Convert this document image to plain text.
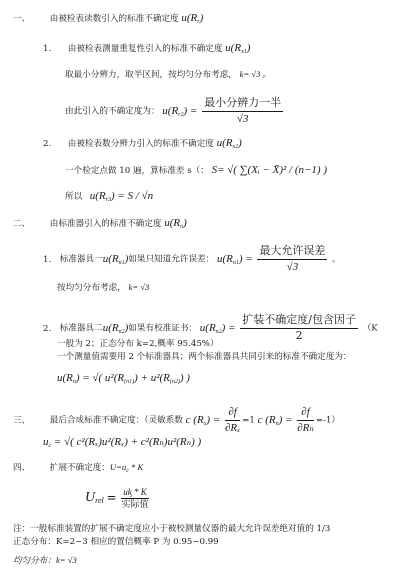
一、 由被检表读数引入的标准不确定度 $u(R_r)$
1. 由被检表测量重复性引入的标准不确定度 $u(R_{x1})$
取最小分辨力，取半区间，按均匀分布考虑， k= √3 。
由此引入的不确定度为： $u(R_{r2}) = \frac{\text{最小分辨力一半}}{√3}$
2. 由被检表数分辨力引入的标准不确定度 $u(R_{x2})$
一个检定点做 10 遍，算标准差 s（： S= √( ∑(Xᵢ − X̄)² / (n−1) )
所以 $u(R_{r3}) = S / √n$
二、 由标准器引入的标准不确定度 $u(R_n)$
1. 标准器具一$u(R_{n1})$如果只知道允许误差： $u(R_{n1}) = \frac{\text{最大允许误差}}{√3}$ 。
按均匀分布考虑， k= √3
2. 标准器具二$u(R_{n2})$如果有校准证书： $u(R_{n2}) = \frac{\text{扩装不确定度/包含因子}}{2} (K$
一般为 2；正态分布 k=2,概率 95.45%）
一个测量值需要用 2 个标准器具；两个标准器具共同引来的标准不确定度为：
$u(R_n)$ = √( $u^2(R_{(n1)}) + u^2(R_{(n2)})$ )
三、 最后合成标准不确定度：（灵敏系数 c $(R_x) = \frac{\partial f}{\text{∂Rₓ}} =1$ c $(R_n) = \frac{\partial f}{\text{∂Rₙ}} =-1$）
$u_c$ = √( c²(Rₓ)u²(Rₓ) + c²(Rₙ)u²(Rₙ) )
四、 扩展不确定度：$U=u_c * K$
$U_{rel} = \frac{\text{uᶄ * K}}{\text{实际值}}$
注：一般标准装置的扩展不确定度应小于被校测量仪器的最大允许误差绝对值的 1/3
正态分布：K=2~3 相应的置信概率 P 为 0.95~0.99
均匀分布：k= √3
